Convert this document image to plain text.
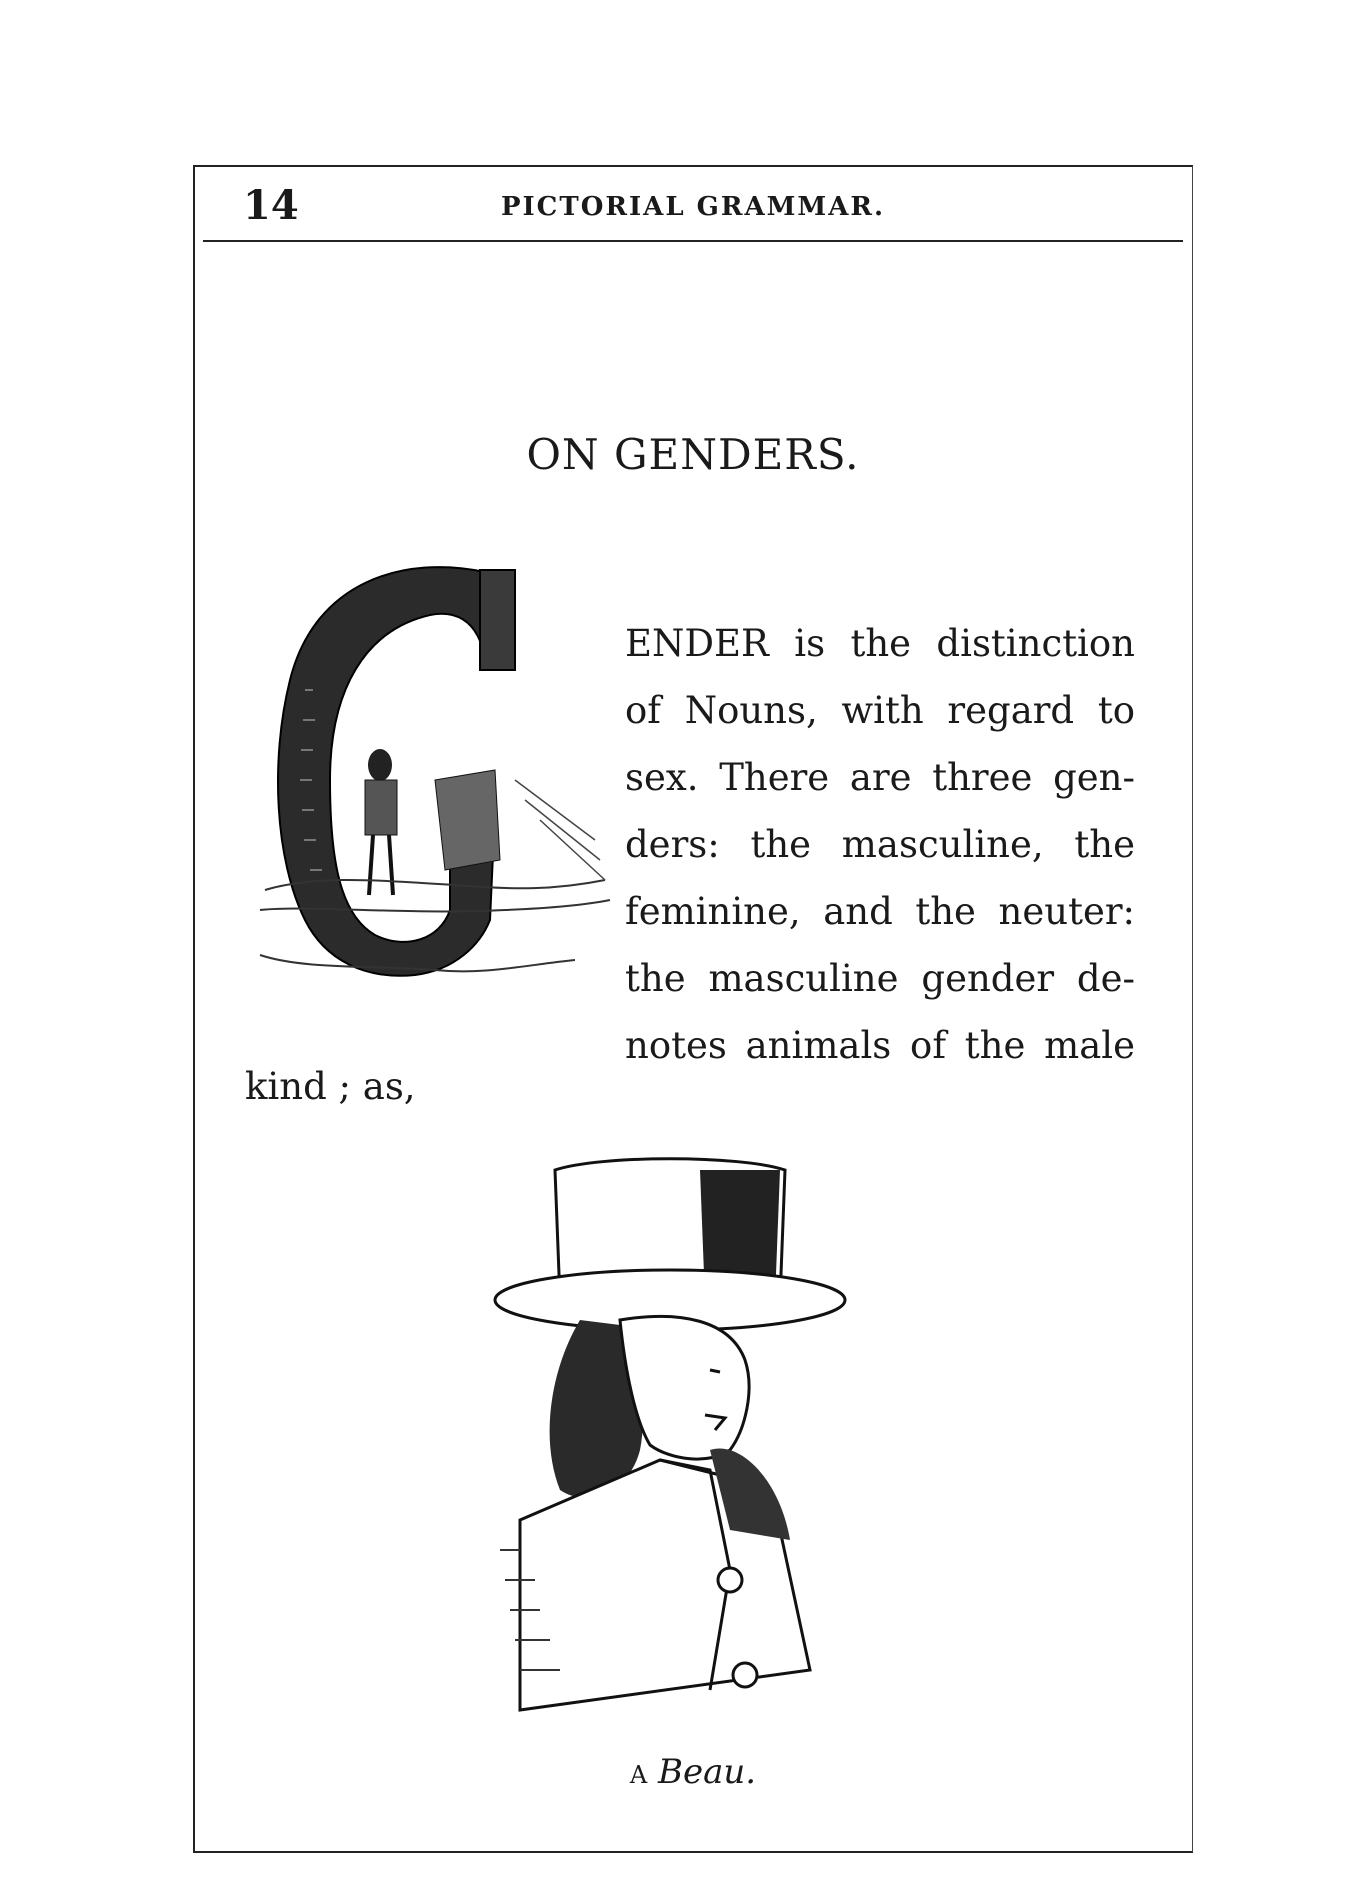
14	PICTORIAL GRAMMAR.
ON GENDERS.
ENDER is the distinction
of Nouns, with regard to
sex. There are three gen-
ders: the masculine, the
feminine, and the neuter:
the masculine gender de-
notes animals of the male
kind ; as,
A Beau.
